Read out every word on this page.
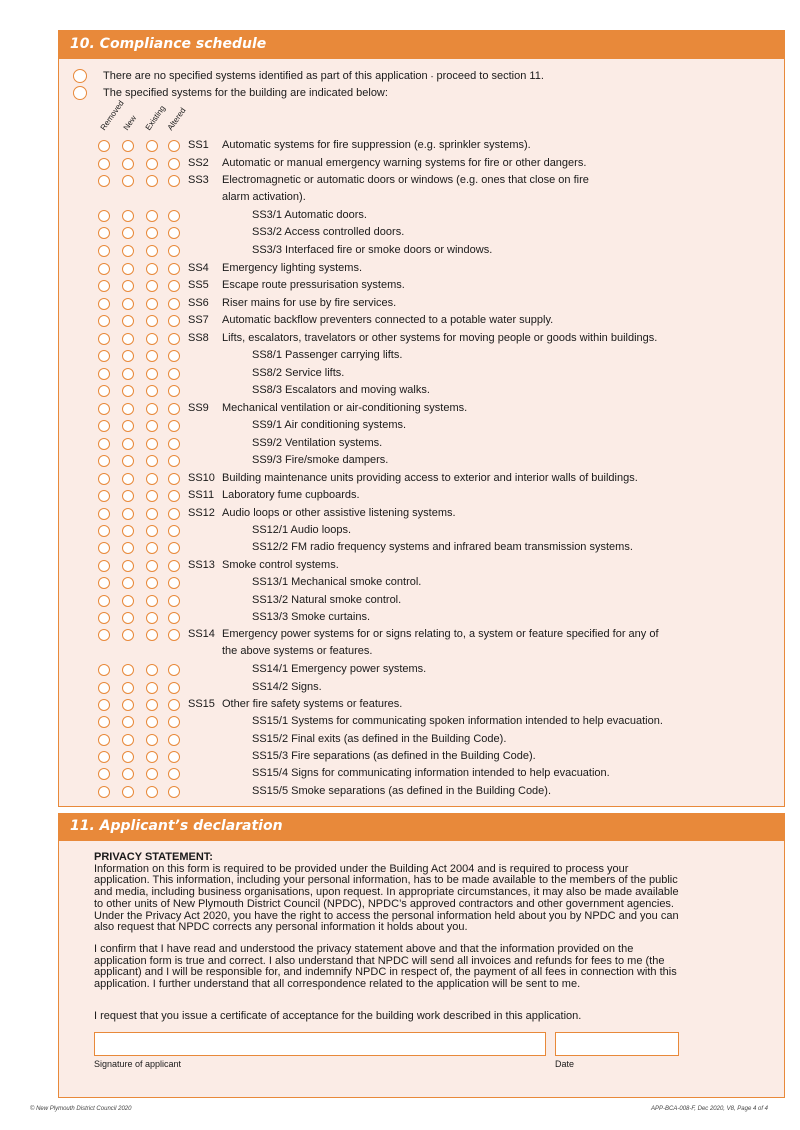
10. Compliance schedule
There are no specified systems identified as part of this application - proceed to section 11.
The specified systems for the building are indicated below:
Removed
New Existing
Altered
SS1 Automatic systems for fire suppression (e.g. sprinkler systems).
SS2 Automatic or manual emergency warning systems for fire or other dangers.
SS3 Electromagnetic or automatic doors or windows (e.g. ones that close on fire
alarm activation).
SS3/1 Automatic doors.
SS3/2 Access controlled doors.
SS3/3 Interfaced fire or smoke doors or windows.
SS4 Emergency lighting systems.
SS5 Escape route pressurisation systems.
SS6 Riser mains for use by fire services.
SS7 Automatic backflow preventers connected to a potable water supply.
SS8 Lifts, escalators, travelators or other systems for moving people or goods within buildings.
SS8/1 Passenger carrying lifts.
SS8/2 Service lifts.
SS8/3 Escalators and moving walks.
SS9 Mechanical ventilation or air-conditioning systems.
SS9/1 Air conditioning systems.
SS9/2 Ventilation systems.
SS9/3 Fire/smoke dampers.
SS10 Building maintenance units providing access to exterior and interior walls of buildings.
SS11 Laboratory fume cupboards.
SS12 Audio loops or other assistive listening systems.
SS12/1 Audio loops.
SS12/2 FM radio frequency systems and infrared beam transmission systems.
SS13 Smoke control systems.
SS13/1 Mechanical smoke control.
SS13/2 Natural smoke control.
SS13/3 Smoke curtains.
SS14 Emergency power systems for or signs relating to, a system or feature specified for any of
the above systems or features.
SS14/1 Emergency power systems.
SS14/2 Signs.
SS15 Other fire safety systems or features.
SS15/1 Systems for communicating spoken information intended to help evacuation.
SS15/2 Final exits (as defined in the Building Code).
SS15/3 Fire separations (as defined in the Building Code).
SS15/4 Signs for communicating information intended to help evacuation.
SS15/5 Smoke separations (as defined in the Building Code).
11. Applicant’s declaration
PRIVACY STATEMENT:
Information on this form is required to be provided under the Building Act 2004 and is required to process your application. This information, including your personal information, has to be made available to the members of the public and media, including business organisations, upon request. In appropriate circumstances, it may also be made available to other units of New Plymouth District Council (NPDC), NPDC’s approved contractors and other government agencies. Under the Privacy Act 2020, you have the right to access the personal information held about you by NPDC and you can also request that NPDC corrects any personal information it holds about you.
I confirm that I have read and understood the privacy statement above and that the information provided on the application form is true and correct. I also understand that NPDC will send all invoices and refunds for fees to me (the applicant) and I will be responsible for, and indemnify NPDC in respect of, the payment of all fees in connection with this application. I further understand that all correspondence related to the application will be sent to me.
I request that you issue a certificate of acceptance for the building work described in this application.
Signature of applicant	Date
© New Plymouth District Council 2020	APP-BCA-008-F, Dec 2020, V8, Page 4 of 4
